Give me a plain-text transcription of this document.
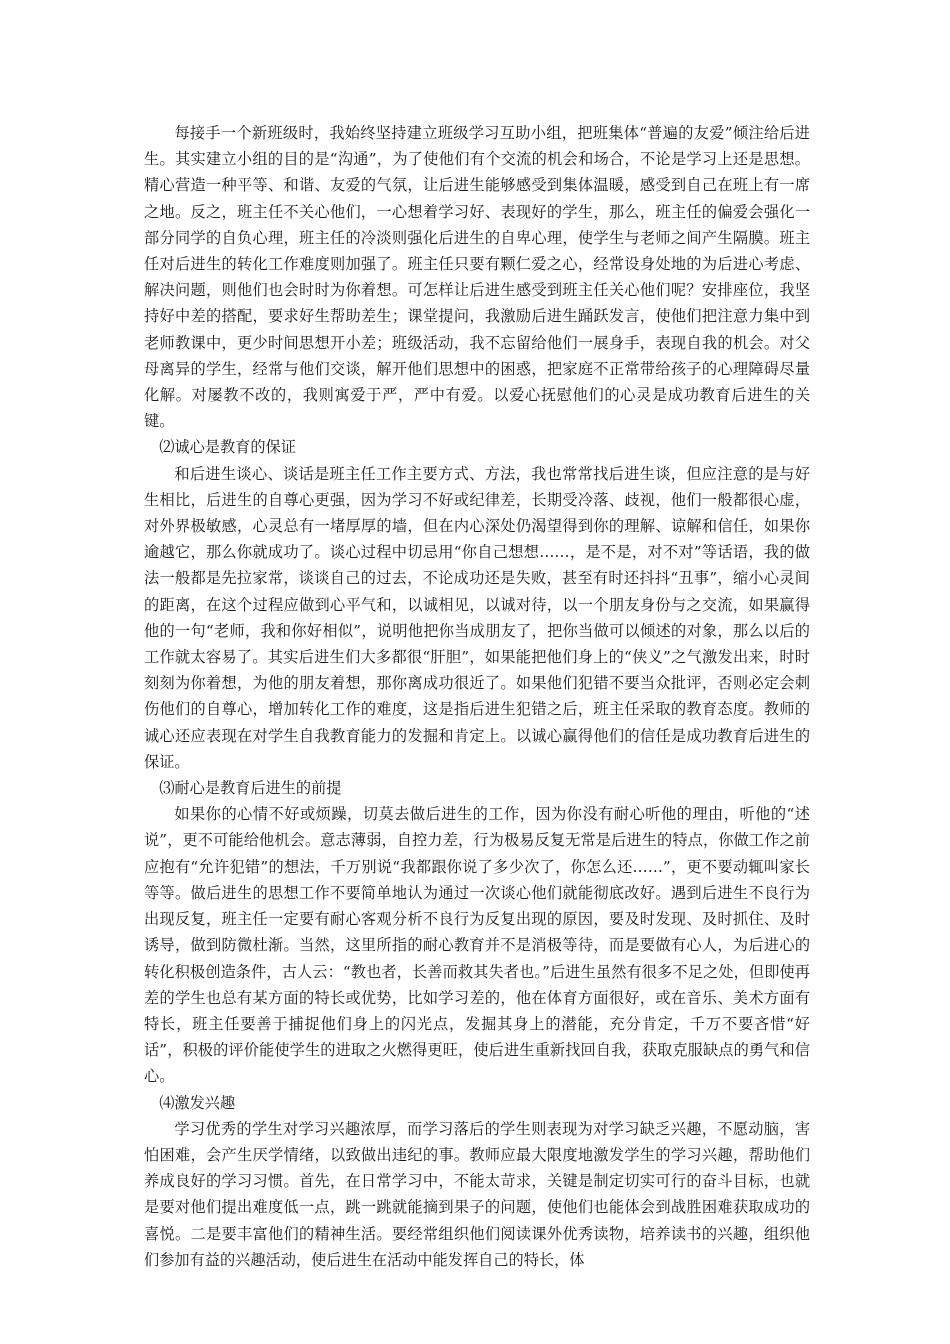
每接手一个新班级时，我始终坚持建立班级学习互助小组，把班集体“普遍的友爱”倾注给后进生。其实建立小组的目的是“沟通”，为了使他们有个交流的机会和场合，不论是学习上还是思想。精心营造一种平等、和谐、友爱的气氛，让后进生能够感受到集体温暖，感受到自己在班上有一席之地。反之，班主任不关心他们，一心想着学习好、表现好的学生，那么，班主任的偏爱会强化一部分同学的自负心理，班主任的冷淡则强化后进生的自卑心理，使学生与老师之间产生隔膜。班主任对后进生的转化工作难度则加强了。班主任只要有颗仁爱之心，经常设身处地的为后进心考虑、解决问题，则他们也会时时为你着想。可怎样让后进生感受到班主任关心他们呢？安排座位，我坚持好中差的搭配，要求好生帮助差生；课堂提问，我激励后进生踊跃发言，使他们把注意力集中到老师教课中，更少时间思想开小差；班级活动，我不忘留给他们一展身手，表现自我的机会。对父母离异的学生，经常与他们交谈，解开他们思想中的困惑，把家庭不正常带给孩子的心理障碍尽量化解。对屡教不改的，我则寓爱于严，严中有爱。以爱心抚慰他们的心灵是成功教育后进生的关键。

⑵诚心是教育的保证

和后进生谈心、谈话是班主任工作主要方式、方法，我也常常找后进生谈，但应注意的是与好生相比，后进生的自尊心更强，因为学习不好或纪律差，长期受冷落、歧视，他们一般都很心虚，对外界极敏感，心灵总有一堵厚厚的墙，但在内心深处仍渴望得到你的理解、谅解和信任，如果你逾越它，那么你就成功了。谈心过程中切忌用“你自己想想……，是不是，对不对”等话语，我的做法一般都是先拉家常，谈谈自己的过去，不论成功还是失败，甚至有时还抖抖“丑事”，缩小心灵间的距离，在这个过程应做到心平气和，以诚相见，以诚对待，以一个朋友身份与之交流，如果赢得他的一句“老师，我和你好相似”，说明他把你当成朋友了，把你当做可以倾述的对象，那么以后的工作就太容易了。其实后进生们大多都很“肝胆”，如果能把他们身上的“侠义”之气激发出来，时时刻刻为你着想，为他的朋友着想，那你离成功很近了。如果他们犯错不要当众批评，否则必定会刺伤他们的自尊心，增加转化工作的难度，这是指后进生犯错之后，班主任采取的教育态度。教师的诚心还应表现在对学生自我教育能力的发掘和肯定上。以诚心赢得他们的信任是成功教育后进生的保证。

⑶耐心是教育后进生的前提

如果你的心情不好或烦躁，切莫去做后进生的工作，因为你没有耐心听他的理由，听他的“述说”，更不可能给他机会。意志薄弱，自控力差，行为极易反复无常是后进生的特点，你做工作之前应抱有“允许犯错”的想法，千万别说“我都跟你说了多少次了，你怎么还……”，更不要动辄叫家长等等。做后进生的思想工作不要简单地认为通过一次谈心他们就能彻底改好。遇到后进生不良行为出现反复，班主任一定要有耐心客观分析不良行为反复出现的原因，要及时发现、及时抓住、及时诱导，做到防微杜渐。当然，这里所指的耐心教育并不是消极等待，而是要做有心人，为后进心的转化积极创造条件，古人云：“教也者，长善而救其失者也。”后进生虽然有很多不足之处，但即使再差的学生也总有某方面的特长或优势，比如学习差的，他在体育方面很好，或在音乐、美术方面有特长，班主任要善于捕捉他们身上的闪光点，发掘其身上的潜能，充分肯定，千万不要吝惜“好话”，积极的评价能使学生的进取之火燃得更旺，使后进生重新找回自我，获取克服缺点的勇气和信心。

⑷激发兴趣

学习优秀的学生对学习兴趣浓厚，而学习落后的学生则表现为对学习缺乏兴趣，不愿动脑，害怕困难，会产生厌学情绪，以致做出违纪的事。教师应最大限度地激发学生的学习兴趣，帮助他们养成良好的学习习惯。首先，在日常学习中，不能太苛求，关键是制定切实可行的奋斗目标，也就是要对他们提出难度低一点，跳一跳就能摘到果子的问题，使他们也能体会到战胜困难获取成功的喜悦。二是要丰富他们的精神生活。要经常组织他们阅读课外优秀读物，培养读书的兴趣，组织他们参加有益的兴趣活动，使后进生在活动中能发挥自己的特长，体
